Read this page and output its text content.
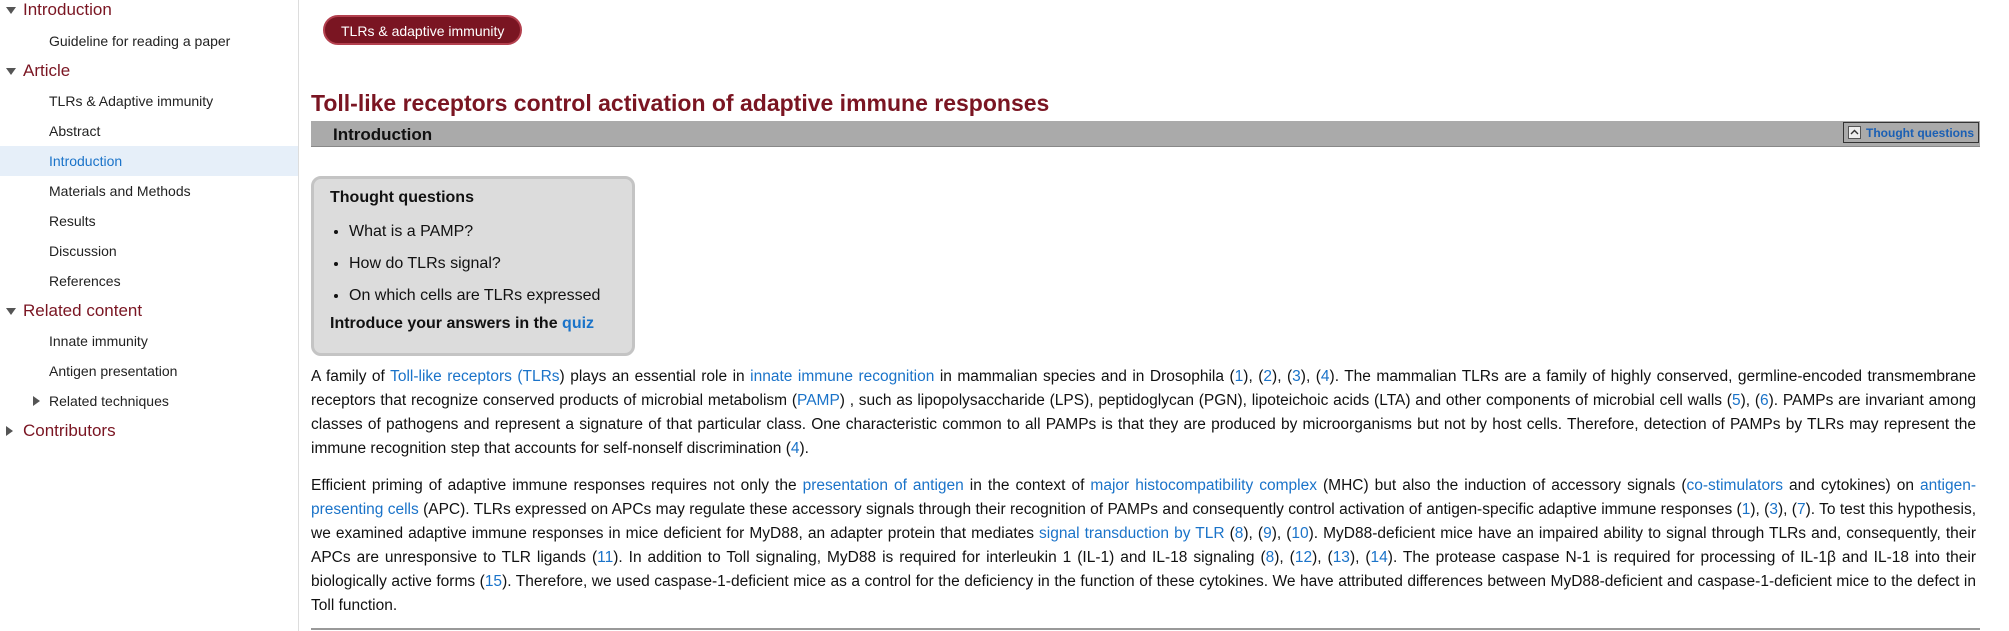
Introduction
Guideline for reading a paper
Article
TLRs & Adaptive immunity
Abstract
Introduction
Materials and Methods
Results
Discussion
References
Related content
Innate immunity
Antigen presentation
Related techniques
Contributors
TLRs & adaptive immunity
Toll-like receptors control activation of adaptive immune responses
Introduction	Thought questions
Thought questions
• What is a PAMP?
• How do TLRs signal?
• On which cells are TLRs expressed
Introduce your answers in the quiz

A family of Toll-like receptors (TLRs) plays an essential role in innate immune recognition in mammalian species and in Drosophila (1), (2), (3), (4). The mammalian TLRs are a family of highly conserved, germline-encoded transmembrane receptors that recognize conserved products of microbial metabolism (PAMP) , such as lipopolysaccharide (LPS), peptidoglycan (PGN), lipoteichoic acids (LTA) and other components of microbial cell walls (5), (6). PAMPs are invariant among classes of pathogens and represent a signature of that particular class. One characteristic common to all PAMPs is that they are produced by microorganisms but not by host cells. Therefore, detection of PAMPs by TLRs may represent the immune recognition step that accounts for self-nonself discrimination (4).

Efficient priming of adaptive immune responses requires not only the presentation of antigen in the context of major histocompatibility complex (MHC) but also the induction of accessory signals (co-stimulators and cytokines) on antigen-presenting cells (APC). TLRs expressed on APCs may regulate these accessory signals through their recognition of PAMPs and consequently control activation of antigen-specific adaptive immune responses (1), (3), (7). To test this hypothesis, we examined adaptive immune responses in mice deficient for MyD88, an adapter protein that mediates signal transduction by TLR (8), (9), (10). MyD88-deficient mice have an impaired ability to signal through TLRs and, consequently, their APCs are unresponsive to TLR ligands (11). In addition to Toll signaling, MyD88 is required for interleukin 1 (IL-1) and IL-18 signaling (8), (12), (13), (14). The protease caspase N-1 is required for processing of IL-1β and IL-18 into their biologically active forms (15). Therefore, we used caspase-1-deficient mice as a control for the deficiency in the function of these cytokines. We have attributed differences between MyD88-deficient and caspase-1-deficient mice to the defect in Toll function.
